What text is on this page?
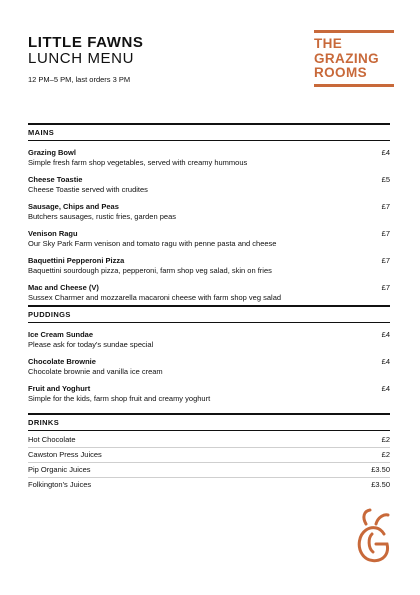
LITTLE FAWNS
LUNCH MENU
12 PM–5 PM, last orders 3 PM
THE
GRAZING
ROOMS
MAINS
Grazing Bowl
Simple fresh farm shop vegetables, served with creamy hummous
£4
Cheese Toastie
Cheese Toastie served with crudites
£5
Sausage, Chips and Peas
Butchers sausages, rustic fries, garden peas
£7
Venison Ragu
Our Sky Park Farm venison and tomato ragu with penne pasta and cheese
£7
Baquettini Pepperoni Pizza
Baquettini sourdough pizza, pepperoni, farm shop veg salad, skin on fries
£7
Mac and Cheese (V)
Sussex Charmer and mozzarella macaroni cheese with farm shop veg salad
£7
PUDDINGS
Ice Cream Sundae
Please ask for today's sundae special
£4
Chocolate Brownie
Chocolate brownie and vanilla ice cream
£4
Fruit and Yoghurt
Simple for the kids, farm shop fruit and creamy yoghurt
£4
DRINKS
Hot Chocolate	£2
Cawston Press Juices	£2
Pip Organic Juices	£3.50
Folkington's Juices	£3.50
